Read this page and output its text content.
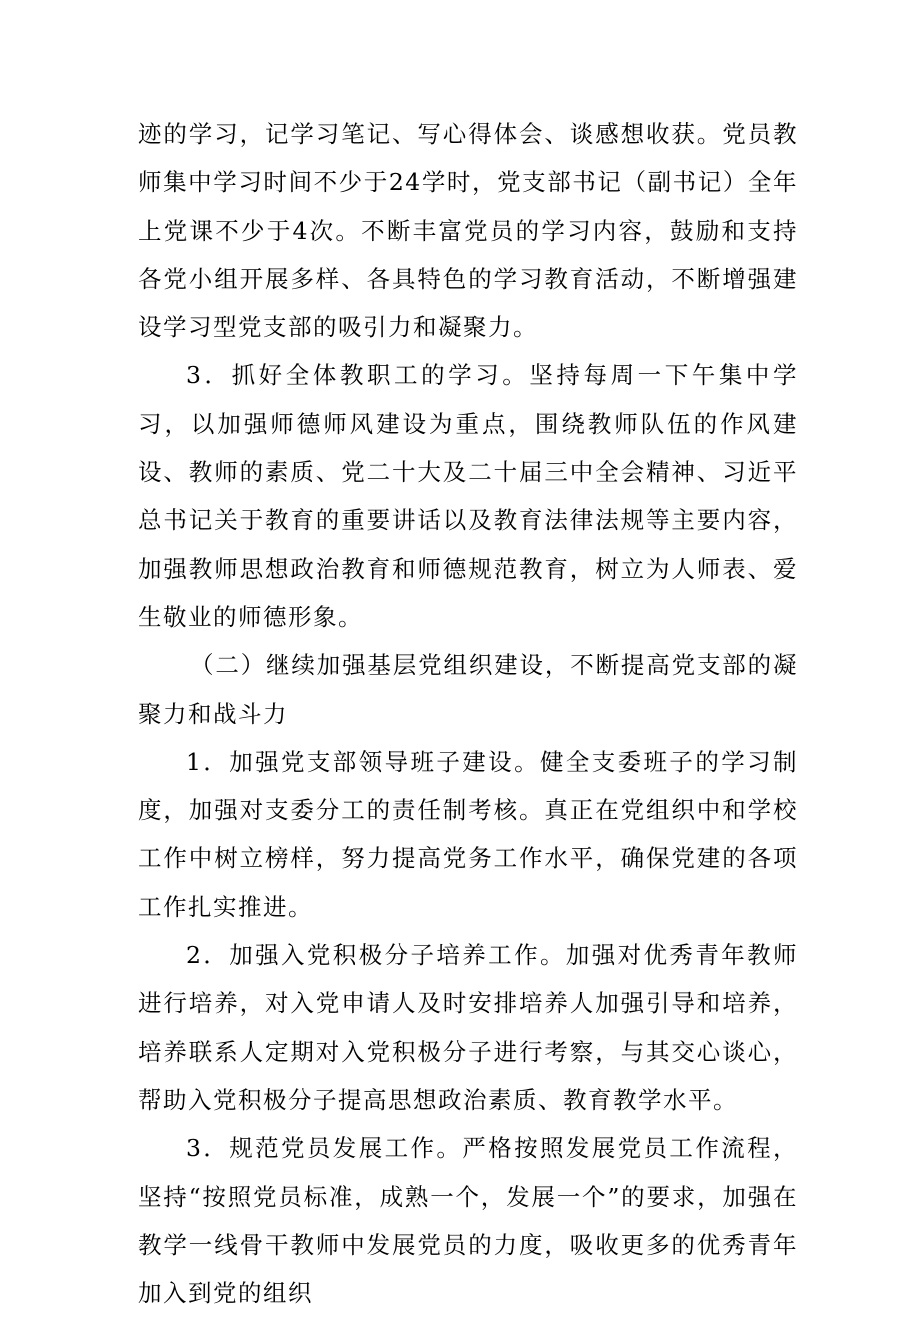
迹的学习，记学习笔记、写心得体会、谈感想收获。党员教师集中学习时间不少于24学时，党支部书记（副书记）全年上党课不少于4次。不断丰富党员的学习内容，鼓励和支持各党小组开展多样、各具特色的学习教育活动，不断增强建设学习型党支部的吸引力和凝聚力。

3．抓好全体教职工的学习。坚持每周一下午集中学习，以加强师德师风建设为重点，围绕教师队伍的作风建设、教师的素质、党二十大及二十届三中全会精神、习近平总书记关于教育的重要讲话以及教育法律法规等主要内容，加强教师思想政治教育和师德规范教育，树立为人师表、爱生敬业的师德形象。

（二）继续加强基层党组织建设，不断提高党支部的凝聚力和战斗力

1．加强党支部领导班子建设。健全支委班子的学习制度，加强对支委分工的责任制考核。真正在党组织中和学校工作中树立榜样，努力提高党务工作水平，确保党建的各项工作扎实推进。

2．加强入党积极分子培养工作。加强对优秀青年教师进行培养，对入党申请人及时安排培养人加强引导和培养，培养联系人定期对入党积极分子进行考察，与其交心谈心，帮助入党积极分子提高思想政治素质、教育教学水平。

3．规范党员发展工作。严格按照发展党员工作流程，坚持“按照党员标准，成熟一个，发展一个”的要求，加强在教学一线骨干教师中发展党员的力度，吸收更多的优秀青年加入到党的组织
